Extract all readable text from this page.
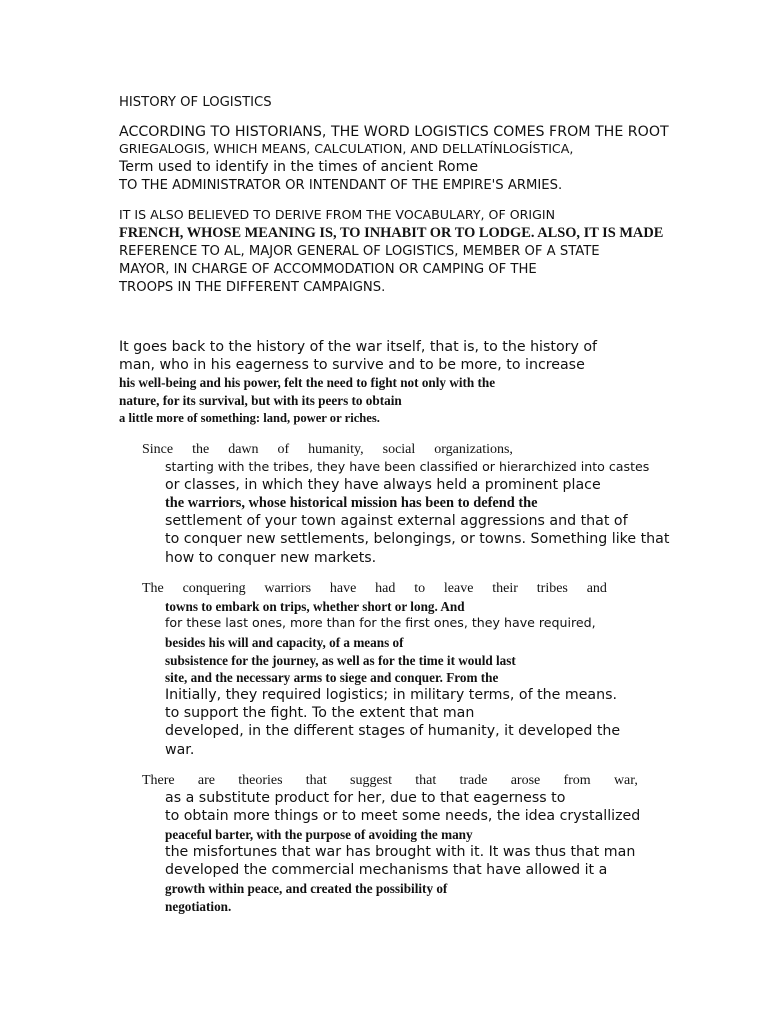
HISTORY OF LOGISTICS

ACCORDING TO HISTORIANS, THE WORD LOGISTICS COMES FROM THE ROOT

GRIEGALOGIS, WHICH MEANS, CALCULATION, AND DELLATÍNLOGÍSTICA,

Term used to identify in the times of ancient Rome

TO THE ADMINISTRATOR OR INTENDANT OF THE EMPIRE'S ARMIES.

IT IS ALSO BELIEVED TO DERIVE FROM THE VOCABULARY, OF ORIGIN

FRENCH, WHOSE MEANING IS, TO INHABIT OR TO LODGE. ALSO, IT IS MADE

REFERENCE TO AL, MAJOR GENERAL OF LOGISTICS, MEMBER OF A STATE

MAYOR, IN CHARGE OF ACCOMMODATION OR CAMPING OF THE

TROOPS IN THE DIFFERENT CAMPAIGNS.

It goes back to the history of the war itself, that is, to the history of

man, who in his eagerness to survive and to be more, to increase

his well-being and his power, felt the need to fight not only with the

nature, for its survival, but with its peers to obtain

a little more of something: land, power or riches.

Since the dawn of humanity, social organizations,

starting with the tribes, they have been classified or hierarchized into castes

or classes, in which they have always held a prominent place

the warriors, whose historical mission has been to defend the

settlement of your town against external aggressions and that of

to conquer new settlements, belongings, or towns. Something like that

how to conquer new markets.

The conquering warriors have had to leave their tribes and

towns to embark on trips, whether short or long. And

for these last ones, more than for the first ones, they have required,

besides his will and capacity, of a means of

subsistence for the journey, as well as for the time it would last

site, and the necessary arms to siege and conquer. From the

Initially, they required logistics; in military terms, of the means.

to support the fight. To the extent that man

developed, in the different stages of humanity, it developed the

war.

There are theories that suggest that trade arose from war,

as a substitute product for her, due to that eagerness to

to obtain more things or to meet some needs, the idea crystallized

peaceful barter, with the purpose of avoiding the many

the misfortunes that war has brought with it. It was thus that man

developed the commercial mechanisms that have allowed it a

growth within peace, and created the possibility of

negotiation.
